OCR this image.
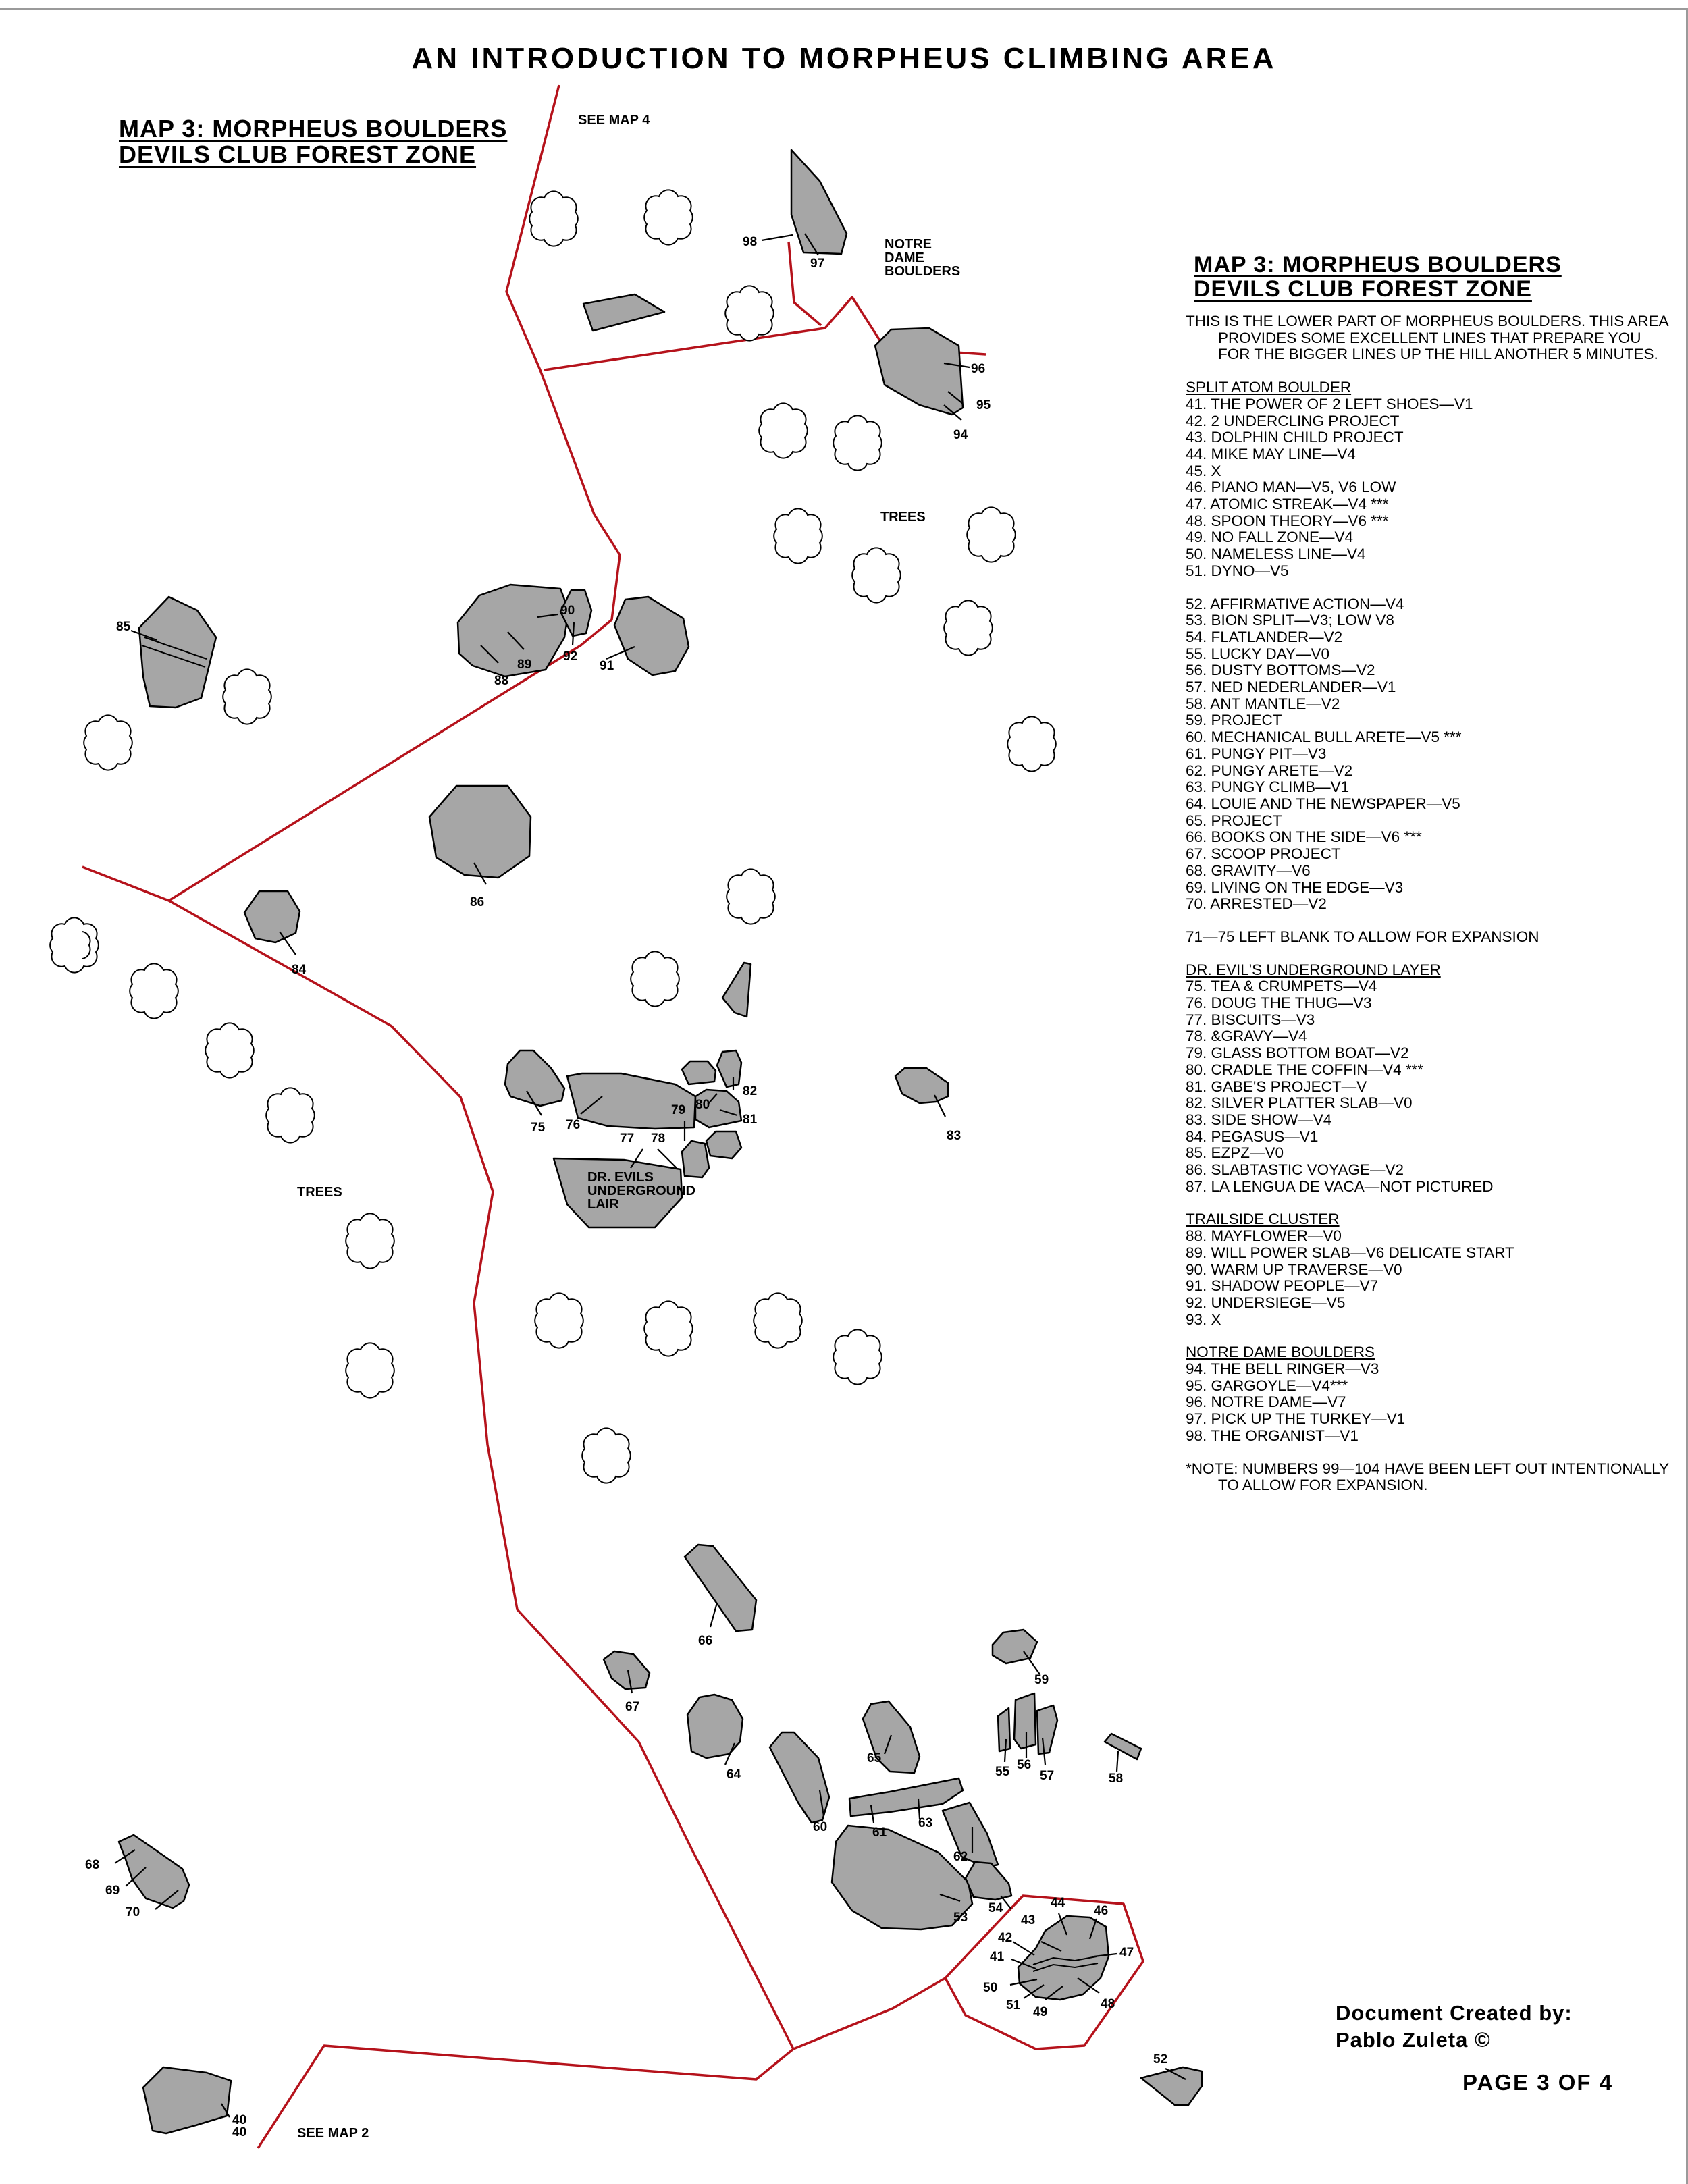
AN INTRODUCTION TO MORPHEUS CLIMBING AREA
MAP 3: MORPHEUS BOULDERS
DEVILS CLUB FOREST ZONE
SEE MAP 4
SEE MAP 2
TREES
TREES
NOTRE
DAME
BOULDERS
DR. EVILS
UNDERGROUND
LAIR
98
97
96
95
94
85
88
89
90
92
91
86
84
75 76
77 78
79 80
81
82
83
66
59
67
65
55 56
57	58
64
60	61
63
62
68
69
70	53
54	44
46
43
42
41	47
50
51 49
48
52
40
40
MAP 3: MORPHEUS BOULDERS
DEVILS CLUB FOREST ZONE

THIS IS THE LOWER PART OF MORPHEUS BOULDERS. THIS AREA PROVIDES SOME EXCELLENT LINES THAT PREPARE YOU FOR THE BIGGER LINES UP THE HILL ANOTHER 5 MINUTES.

SPLIT ATOM BOULDER

41. THE POWER OF 2 LEFT SHOES—V1

42. 2 UNDERCLING PROJECT

43. DOLPHIN CHILD PROJECT

44. MIKE MAY LINE—V4

45. X

46. PIANO MAN—V5, V6 LOW

47. ATOMIC STREAK—V4 ***

48. SPOON THEORY—V6 ***

49. NO FALL ZONE—V4

50. NAMELESS LINE—V4

51. DYNO—V5

52. AFFIRMATIVE ACTION—V4

53. BION SPLIT—V3; LOW V8

54. FLATLANDER—V2

55. LUCKY DAY—V0

56. DUSTY BOTTOMS—V2

57. NED NEDERLANDER—V1

58. ANT MANTLE—V2

59. PROJECT

60. MECHANICAL BULL ARETE—V5 ***

61. PUNGY PIT—V3

62. PUNGY ARETE—V2

63. PUNGY CLIMB—V1

64. LOUIE AND THE NEWSPAPER—V5

65. PROJECT

66. BOOKS ON THE SIDE—V6 ***

67. SCOOP PROJECT

68. GRAVITY—V6

69. LIVING ON THE EDGE—V3

70. ARRESTED—V2

71—75 LEFT BLANK TO ALLOW FOR EXPANSION

DR. EVIL'S UNDERGROUND LAYER

75. TEA & CRUMPETS—V4

76. DOUG THE THUG—V3

77. BISCUITS—V3

78. &GRAVY—V4

79. GLASS BOTTOM BOAT—V2

80. CRADLE THE COFFIN—V4 ***

81. GABE'S PROJECT—V

82. SILVER PLATTER SLAB—V0

83. SIDE SHOW—V4

84. PEGASUS—V1

85. EZPZ—V0

86. SLABTASTIC VOYAGE—V2

87. LA LENGUA DE VACA—NOT PICTURED

TRAILSIDE CLUSTER

88. MAYFLOWER—V0

89. WILL POWER SLAB—V6 DELICATE START

90. WARM UP TRAVERSE—V0

91. SHADOW PEOPLE—V7

92. UNDERSIEGE—V5

93. X

NOTRE DAME BOULDERS

94. THE BELL RINGER—V3

95. GARGOYLE—V4***

96. NOTRE DAME—V7

97. PICK UP THE TURKEY—V1

98. THE ORGANIST—V1

*NOTE: NUMBERS 99—104 HAVE BEEN LEFT OUT INTENTIONALLY TO ALLOW FOR EXPANSION.

Document Created by:
Pablo Zuleta ©
PAGE 3 OF 4
